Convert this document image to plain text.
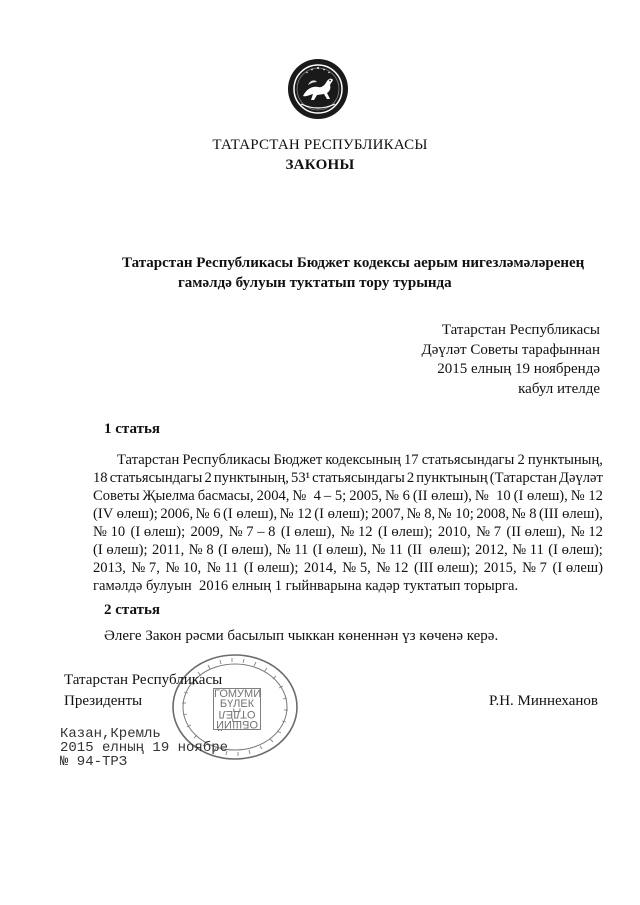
ТАТАРСТАН РЕСПУБЛИКАСЫ
ЗАКОНЫ
Татарстан Республикасы Бюджет кодексы аерым нигезләмәләренең
гамәлдә булуын туктатып тору турында
Татарстан Республикасы
Дәүләт Советы тарафыннан
2015 елның 19 ноябрендә
кабул ителде
1 статья
Татарстан Республикасы Бюджет кодексының 17 статьясындагы 2 пунктының,
18 статьясындагы 2 пунктының, 53¹ статьясындагы 2 пунктының (Татарстан Дәүләт
Советы Җыелма басмасы, 2004, №  4 – 5; 2005, № 6 (II өлеш), №  10 (I өлеш), № 12
(IV өлеш); 2006, № 6 (I өлеш), № 12 (I өлеш); 2007, № 8, № 10; 2008, № 8 (III өлеш),
№ 10 (I өлеш); 2009, № 7 – 8 (I өлеш), № 12 (I өлеш); 2010, № 7 (II өлеш), № 12
(I өлеш); 2011, № 8 (I өлеш), № 11 (I өлеш), № 11 (II  өлеш); 2012, № 11 (I өлеш);
2013, № 7, № 10, № 11 (I өлеш); 2014, № 5, № 12 (III өлеш); 2015, № 7 (I өлеш)
гамәлдә булуын  2016 елның 1 гыйнварына кадәр туктатып торырга.
2 статья
Әлеге Закон рәсми басылып чыккан көненнән үз көченә керә.
ГОМУМИ
БҮЛЕК
ОТДЕЛ
ОБЩИЙ
Татарстан Республикасы
Президенты	Р.Н. Миннеханов
Казан,Кремль
2015 елның 19 ноябре
№ 94-ТРЗ
